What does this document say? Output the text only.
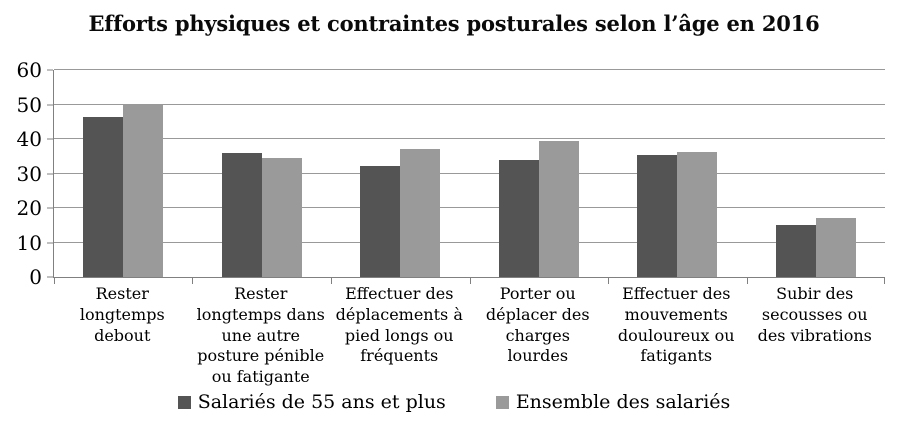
Efforts physiques et contraintes posturales selon l’âge en 2016
0
10
20
30
40
50
60
Rester longtemps debout
Rester longtemps dans une autre posture pénible ou fatigante
Effectuer des déplacements à pied longs ou fréquents
Porter ou déplacer des charges lourdes
Effectuer des mouvements douloureux ou fatigants
Subir des secousses ou des vibrations
Salariés de 55 ans et plus	Ensemble des salariés
